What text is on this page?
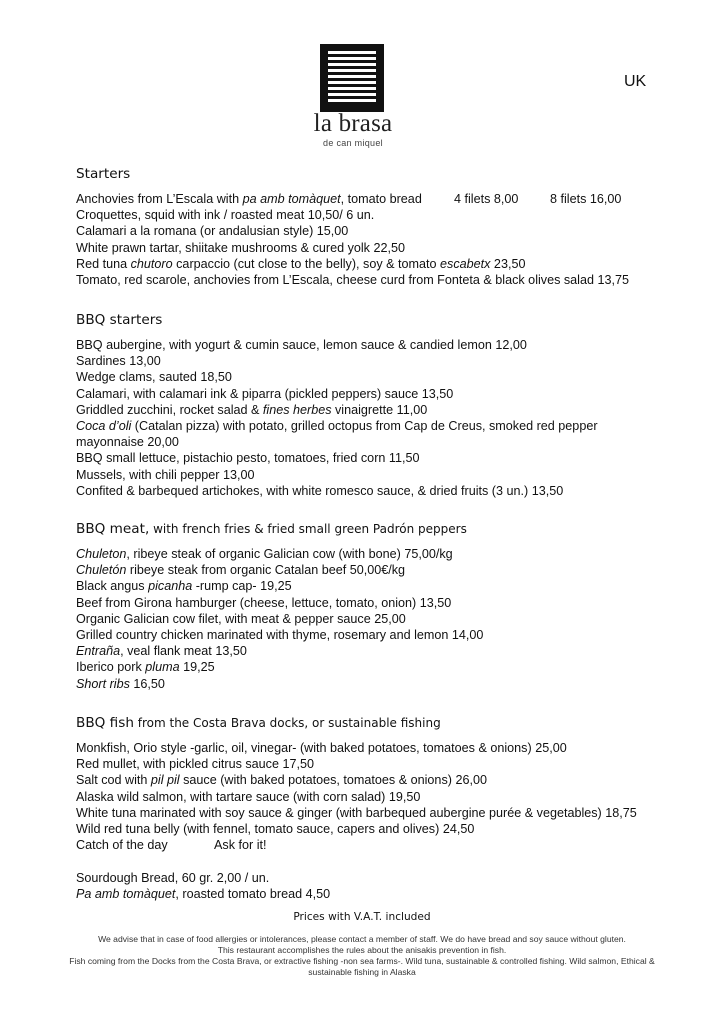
la brasa
de can miquel
UK
Starters
Anchovies from L’Escala with pa amb tomàquet, tomato bread	4 filets 8,00	8 filets 16,00
Croquettes, squid with ink / roasted meat 10,50/ 6 un.
Calamari a la romana (or andalusian style) 15,00
White prawn tartar, shiitake mushrooms & cured yolk 22,50
Red tuna chutoro carpaccio (cut close to the belly), soy & tomato escabetx 23,50
Tomato, red scarole, anchovies from L’Escala, cheese curd from Fonteta & black olives salad 13,75
BBQ starters
BBQ aubergine, with yogurt & cumin sauce, lemon sauce & candied lemon 12,00
Sardines 13,00
Wedge clams, sauted 18,50
Calamari, with calamari ink & piparra (pickled peppers) sauce 13,50
Griddled zucchini, rocket salad & fines herbes vinaigrette 11,00
Coca d’oli (Catalan pizza) with potato, grilled octopus from Cap de Creus, smoked red pepper mayonnaise 20,00
BBQ small lettuce, pistachio pesto, tomatoes, fried corn 11,50
Mussels, with chili pepper 13,00
Confited & barbequed artichokes, with white romesco sauce, & dried fruits (3 un.) 13,50
BBQ meat, with french fries & fried small green Padrón peppers
Chuleton, ribeye steak of organic Galician cow (with bone) 75,00/kg
Chuletón ribeye steak from organic Catalan beef 50,00€/kg
Black angus picanha -rump cap- 19,25
Beef from Girona hamburger (cheese, lettuce, tomato, onion) 13,50
Organic Galician cow filet, with meat & pepper sauce 25,00
Grilled country chicken marinated with thyme, rosemary and lemon 14,00
Entraña, veal flank meat 13,50
Iberico pork pluma 19,25
Short ribs 16,50
BBQ fish from the Costa Brava docks, or sustainable fishing
Monkfish, Orio style -garlic, oil, vinegar- (with baked potatoes, tomatoes & onions) 25,00
Red mullet, with pickled citrus sauce 17,50
Salt cod with pil pil sauce (with baked potatoes, tomatoes & onions) 26,00
Alaska wild salmon, with tartare sauce (with corn salad) 19,50
White tuna marinated with soy sauce & ginger (with barbequed aubergine purée & vegetables) 18,75
Wild red tuna belly (with fennel, tomato sauce, capers and olives) 24,50
Catch of the day	Ask for it!
Sourdough Bread, 60 gr. 2,00 / un.
Pa amb tomàquet, roasted tomato bread 4,50
Prices with V.A.T. included
We advise that in case of food allergies or intolerances, please contact a member of staff. We do have bread and soy sauce without gluten.
This restaurant accomplishes the rules about the anisakis prevention in fish.
Fish coming from the Docks from the Costa Brava, or extractive fishing -non sea farms-. Wild tuna, sustainable & controlled fishing. Wild salmon, Ethical & sustainable fishing in Alaska
